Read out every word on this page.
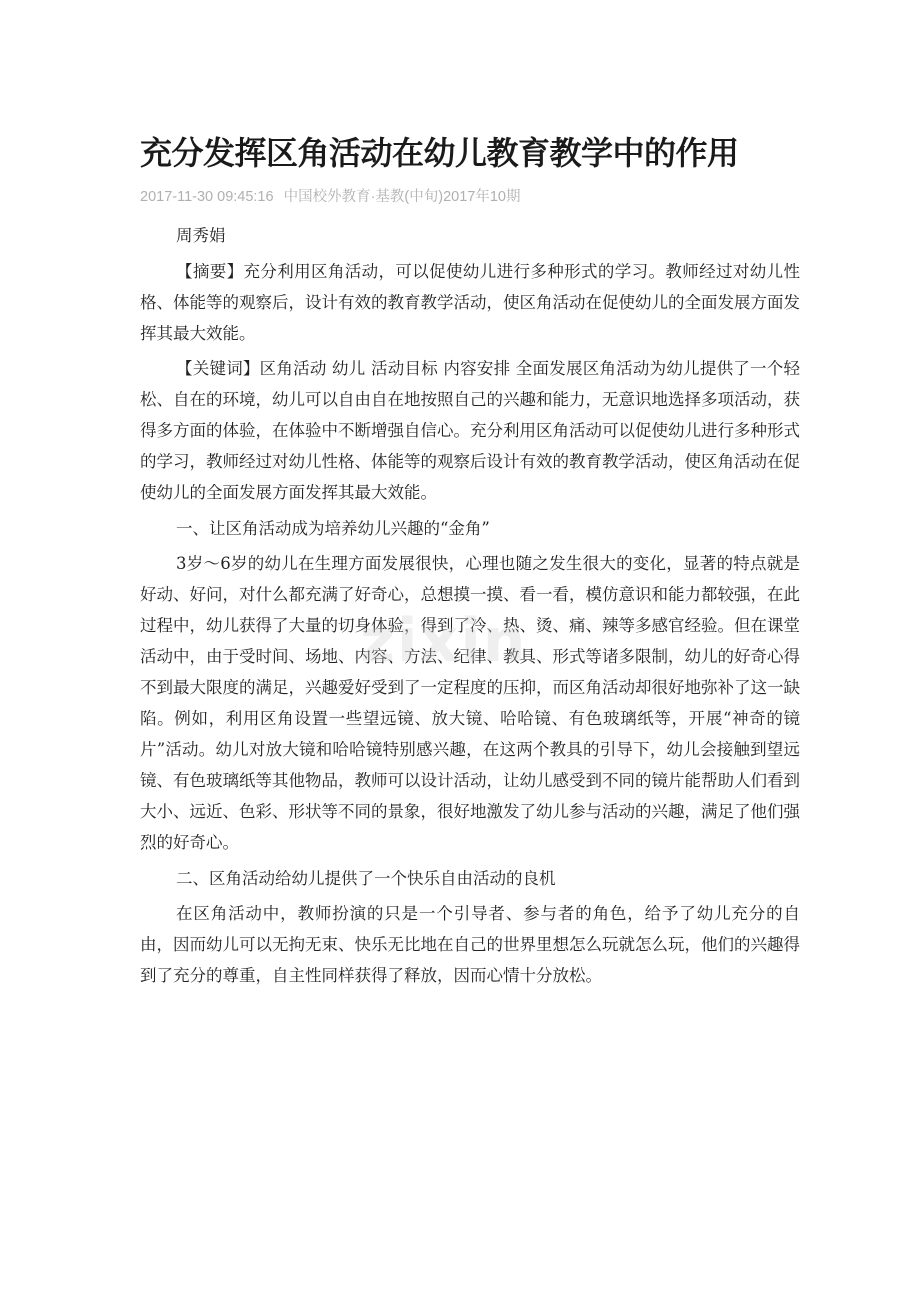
充分发挥区角活动在幼儿教育教学中的作用
2017-11-30 09:45:16 中国校外教育·基教(中旬)2017年10期

周秀娟

【摘要】充分利用区角活动，可以促使幼儿进行多种形式的学习。教师经过对幼儿性格、体能等的观察后，设计有效的教育教学活动，使区角活动在促使幼儿的全面发展方面发挥其最大效能。

【关键词】区角活动 幼儿 活动目标 内容安排 全面发展区角活动为幼儿提供了一个轻松、自在的环境，幼儿可以自由自在地按照自己的兴趣和能力，无意识地选择多项活动，获得多方面的体验，在体验中不断增强自信心。充分利用区角活动可以促使幼儿进行多种形式的学习，教师经过对幼儿性格、体能等的观察后设计有效的教育教学活动，使区角活动在促使幼儿的全面发展方面发挥其最大效能。

一、让区角活动成为培养幼儿兴趣的“金角”

3岁～6岁的幼儿在生理方面发展很快，心理也随之发生很大的变化，显著的特点就是好动、好问，对什么都充满了好奇心，总想摸一摸、看一看，模仿意识和能力都较强，在此过程中，幼儿获得了大量的切身体验，得到了冷、热、烫、痛、辣等多感官经验。但在课堂活动中，由于受时间、场地、内容、方法、纪律、教具、形式等诸多限制，幼儿的好奇心得不到最大限度的满足，兴趣爱好受到了一定程度的压抑，而区角活动却很好地弥补了这一缺陷。例如，利用区角设置一些望远镜、放大镜、哈哈镜、有色玻璃纸等，开展“神奇的镜片”活动。幼儿对放大镜和哈哈镜特别感兴趣，在这两个教具的引导下，幼儿会接触到望远镜、有色玻璃纸等其他物品，教师可以设计活动，让幼儿感受到不同的镜片能帮助人们看到大小、远近、色彩、形状等不同的景象，很好地激发了幼儿参与活动的兴趣，满足了他们强烈的好奇心。

二、区角活动给幼儿提供了一个快乐自由活动的良机

在区角活动中，教师扮演的只是一个引导者、参与者的角色，给予了幼儿充分的自由，因而幼儿可以无拘无束、快乐无比地在自己的世界里想怎么玩就怎么玩，他们的兴趣得到了充分的尊重，自主性同样获得了释放，因而心情十分放松。

zixin
